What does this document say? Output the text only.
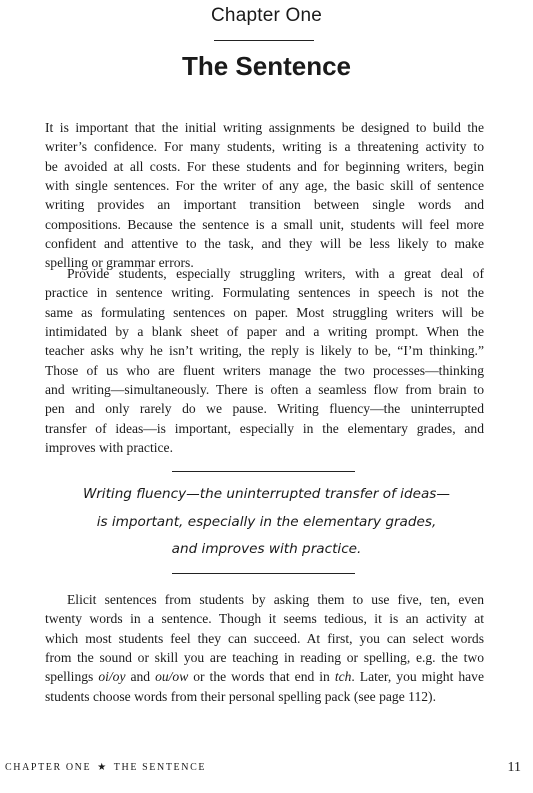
Chapter One
The Sentence

It is important that the initial writing assignments be designed to build the
writer’s confidence. For many students, writing is a threatening activity to
be avoided at all costs. For these students and for beginning writers, begin
with single sentences. For the writer of any age, the basic skill of sentence
writing provides an important transition between single words and
compositions. Because the sentence is a small unit, students will feel more
confident and attentive to the task, and they will be less likely to make
spelling or grammar errors.

Provide students, especially struggling writers, with a great deal of
practice in sentence writing. Formulating sentences in speech is not the
same as formulating sentences on paper. Most struggling writers will be
intimidated by a blank sheet of paper and a writing prompt. When the
teacher asks why he isn’t writing, the reply is likely to be, “I’m thinking.”
Those of us who are fluent writers manage the two processes—thinking
and writing—simultaneously. There is often a seamless flow from brain to
pen and only rarely do we pause. Writing fluency—the uninterrupted
transfer of ideas—is important, especially in the elementary grades, and
improves with practice.

Writing fluency—the uninterrupted transfer of ideas—
is important, especially in the elementary grades,
and improves with practice.

Elicit sentences from students by asking them to use five, ten, even
twenty words in a sentence. Though it seems tedious, it is an activity at
which most students feel they can succeed. At first, you can select words
from the sound or skill you are teaching in reading or spelling, e.g. the two
spellings oi/oy and ou/ow or the words that end in tch. Later, you might have
students choose words from their personal spelling pack (see page 112).

CHAPTER ONE ★ THE SENTENCE	11
